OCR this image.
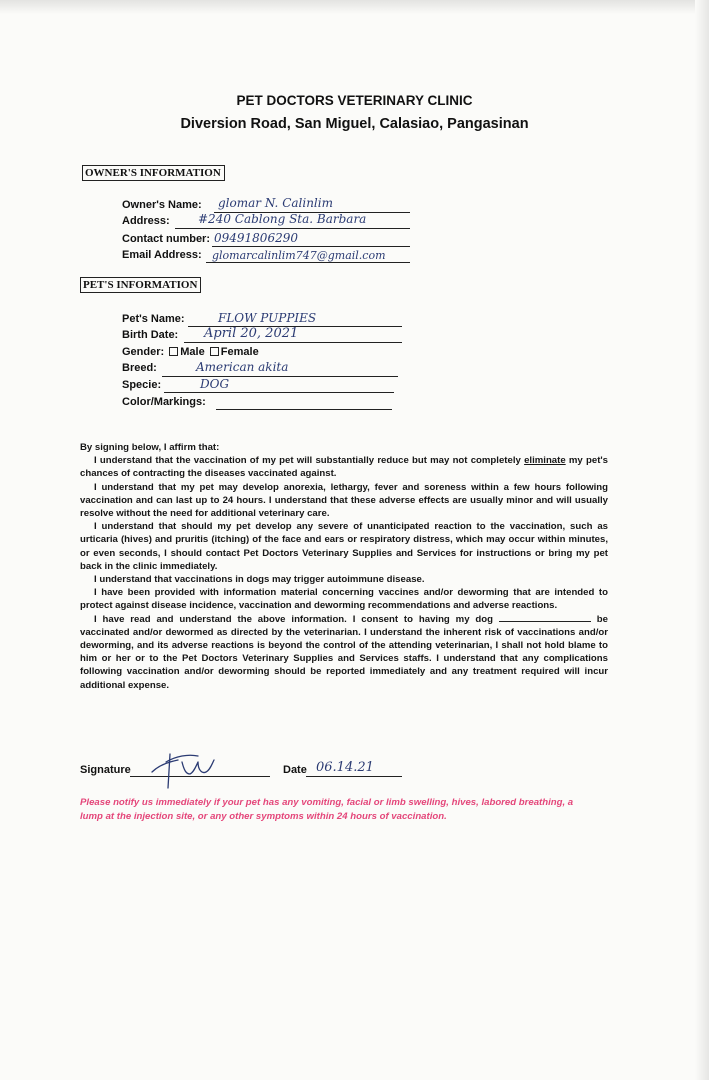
PET DOCTORS VETERINARY CLINIC
Diversion Road, San Miguel, Calasiao, Pangasinan
OWNER'S INFORMATION
Owner's Name: glomar N. Calinlim
Address: #240 Cablong Sta. Barbara
Contact number: 09491806290
Email Address: glomarcalinlim747@gmail.com
PET'S INFORMATION
Pet's Name:	FLOW PUPPIES
Birth Date: April 20, 2021
Gender: Male Female
Breed:	American akita
Specie:	DOG
Color/Markings:

By signing below, I affirm that:

I understand that the vaccination of my pet will substantially reduce but may not completely eliminate my pet's chances of contracting the diseases vaccinated against.

I understand that my pet may develop anorexia, lethargy, fever and soreness within a few hours following vaccination and can last up to 24 hours. I understand that these adverse effects are usually minor and will usually resolve without the need for additional veterinary care.

I understand that should my pet develop any severe of unanticipated reaction to the vaccination, such as urticaria (hives) and pruritis (itching) of the face and ears or respiratory distress, which may occur within minutes, or even seconds, I should contact Pet Doctors Veterinary Supplies and Services for instructions or bring my pet back in the clinic immediately.

I understand that vaccinations in dogs may trigger autoimmune disease.

I have been provided with information material concerning vaccines and/or deworming that are intended to protect against disease incidence, vaccination and deworming recommendations and adverse reactions.

I have read and understand the above information. I consent to having my dog	be vaccinated and/or dewormed as directed by the veterinarian. I understand the inherent risk of vaccinations and/or deworming, and its adverse reactions is beyond the control of the attending veterinarian, I shall not hold blame to him or her or to the Pet Doctors Veterinary Supplies and Services staffs. I understand that any complications following vaccination and/or deworming should be reported immediately and any treatment required will incur additional expense.

Signature	Date 06.14.21
Please notify us immediately if your pet has any vomiting, facial or limb swelling, hives, labored breathing, a lump at the injection site, or any other symptoms within 24 hours of vaccination.
